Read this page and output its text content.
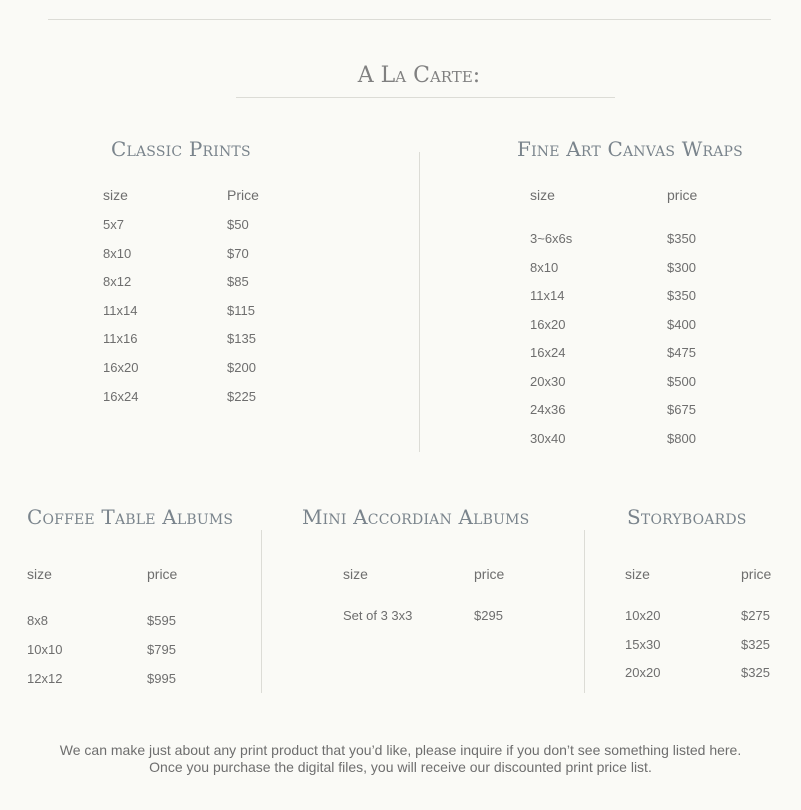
A La Carte:
Classic Prints
size	Price
5x7	$50
8x10	$70
8x12	$85
11x14	$115
11x16	$135
16x20	$200
16x24	$225
Fine Art Canvas Wraps
size	price
3~6x6s	$350
8x10	$300
11x14	$350
16x20	$400
16x24	$475
20x30	$500
24x36	$675
30x40	$800
Coffee Table Albums
size	price
8x8	$595
10x10	$795
12x12	$995
Mini Accordian Albums
size	price
Set of 3 3x3	$295
Storyboards
size	price
10x20	$275
15x30	$325
20x20	$325
We can make just about any print product that you’d like, please inquire if you don’t see something listed here.
Once you purchase the digital files, you will receive our discounted print price list.
